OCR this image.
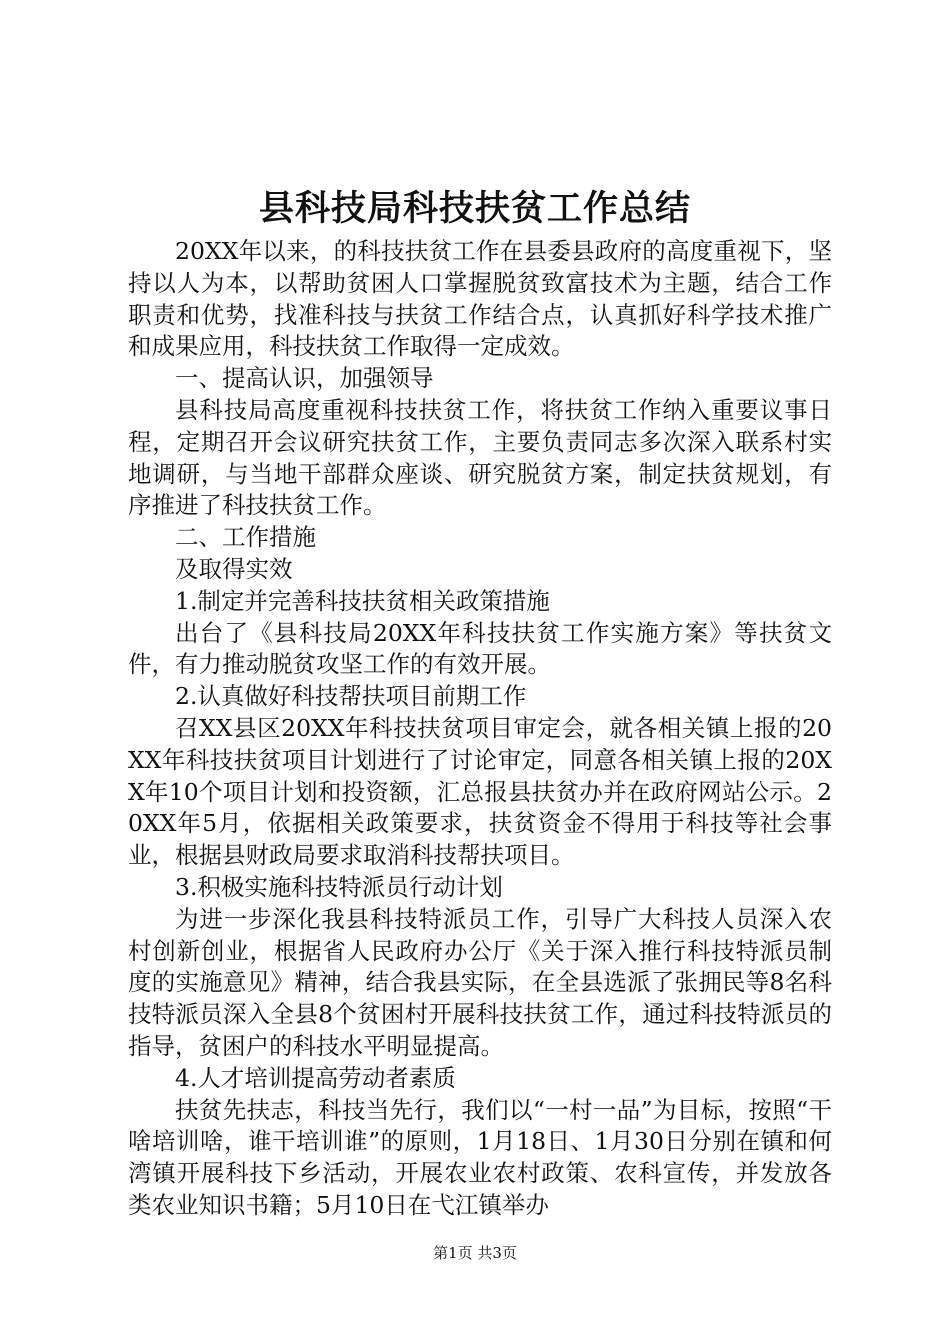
县科技局科技扶贫工作总结

20XX年以来，的科技扶贫工作在县委县政府的高度重视下，坚持以人为本，以帮助贫困人口掌握脱贫致富技术为主题，结合工作职责和优势，找准科技与扶贫工作结合点，认真抓好科学技术推广和成果应用，科技扶贫工作取得一定成效。

一、提高认识，加强领导

县科技局高度重视科技扶贫工作，将扶贫工作纳入重要议事日程，定期召开会议研究扶贫工作，主要负责同志多次深入联系村实地调研，与当地干部群众座谈、研究脱贫方案，制定扶贫规划，有序推进了科技扶贫工作。

二、工作措施

及取得实效

1.制定并完善科技扶贫相关政策措施

出台了《县科技局20XX年科技扶贫工作实施方案》等扶贫文件，有力推动脱贫攻坚工作的有效开展。

2.认真做好科技帮扶项目前期工作

召XX县区20XX年科技扶贫项目审定会，就各相关镇上报的20XX年科技扶贫项目计划进行了讨论审定，同意各相关镇上报的20XX年10个项目计划和投资额，汇总报县扶贫办并在政府网站公示。20XX年5月，依据相关政策要求，扶贫资金不得用于科技等社会事业，根据县财政局要求取消科技帮扶项目。

3.积极实施科技特派员行动计划

为进一步深化我县科技特派员工作，引导广大科技人员深入农村创新创业，根据省人民政府办公厅《关于深入推行科技特派员制度的实施意见》精神，结合我县实际，在全县选派了张拥民等8名科技特派员深入全县8个贫困村开展科技扶贫工作，通过科技特派员的指导，贫困户的科技水平明显提高。

4.人才培训提高劳动者素质

扶贫先扶志，科技当先行，我们以“一村一品”为目标，按照“干啥培训啥，谁干培训谁”的原则，1月18日、1月30日分别在镇和何湾镇开展科技下乡活动，开展农业农村政策、农科宣传，并发放各类农业知识书籍；5月10日在弋江镇举办

第1页 共3页
